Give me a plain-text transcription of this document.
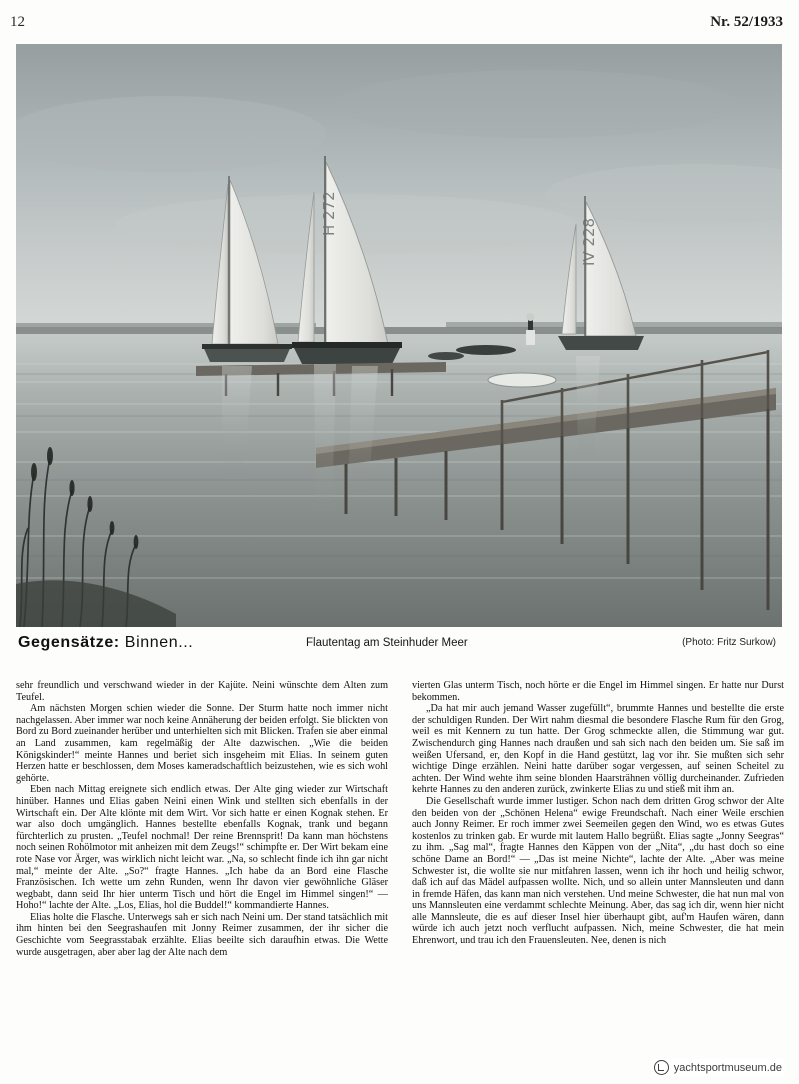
12	Nr. 52/1933
H 272
IV 228
Gegensätze: Binnen...	Flautentag am Steinhuder Meer	(Photo: Fritz Surkow)

sehr freundlich und verschwand wieder in der Kajüte. Neini wünschte dem Alten zum Teufel.

Am nächsten Morgen schien wieder die Sonne. Der Sturm hatte noch immer nicht nachgelassen. Aber immer war noch keine Annäherung der beiden erfolgt. Sie blickten von Bord zu Bord zueinander herüber und unterhielten sich mit Blicken. Trafen sie aber einmal an Land zusammen, kam regelmäßig der Alte dazwischen. „Wie die beiden Königskinder!“ meinte Hannes und beriet sich insgeheim mit Elias. In seinem guten Herzen hatte er beschlossen, dem Moses kameradschaftlich beizustehen, wie es sich wohl gehörte.

Eben nach Mittag ereignete sich endlich etwas. Der Alte ging wieder zur Wirtschaft hinüber. Hannes und Elias gaben Neini einen Wink und stellten sich ebenfalls in der Wirtschaft ein. Der Alte klönte mit dem Wirt. Vor sich hatte er einen Kognak stehen. Er war also doch umgänglich. Hannes bestellte ebenfalls Kognak, trank und begann fürchterlich zu prusten. „Teufel nochmal! Der reine Brennsprit! Da kann man höchstens noch seinen Rohölmotor mit anheizen mit dem Zeugs!“ schimpfte er. Der Wirt bekam eine rote Nase vor Ärger, was wirklich nicht leicht war. „Na, so schlecht finde ich ihn gar nicht mal,“ meinte der Alte. „So?“ fragte Hannes. „Ich habe da an Bord eine Flasche Französischen. Ich wette um zehn Runden, wenn Ihr davon vier gewöhnliche Gläser wegbabt, dann seid Ihr hier unterm Tisch und hört die Engel im Himmel singen!“ — Hoho!“ lachte der Alte. „Los, Elias, hol die Buddel!“ kommandierte Hannes.

Elias holte die Flasche. Unterwegs sah er sich nach Neini um. Der stand tatsächlich mit ihm hinten bei den Seegrashaufen mit Jonny Reimer zusammen, der ihr sicher die Geschichte vom Seegrasstabak erzählte. Elias beeilte sich daraufhin etwas. Die Wette wurde ausgetragen, aber aber lag der Alte nach dem

vierten Glas unterm Tisch, noch hörte er die Engel im Himmel singen. Er hatte nur Durst bekommen.

„Da hat mir auch jemand Wasser zugefüllt“, brummte Hannes und bestellte die erste der schuldigen Runden. Der Wirt nahm diesmal die besondere Flasche Rum für den Grog, weil es mit Kennern zu tun hatte. Der Grog schmeckte allen, die Stimmung war gut. Zwischendurch ging Hannes nach draußen und sah sich nach den beiden um. Sie saß im weißen Ufersand, er, den Kopf in die Hand gestützt, lag vor ihr. Sie mußten sich sehr wichtige Dinge erzählen. Neini hatte darüber sogar vergessen, auf seinen Scheitel zu achten. Der Wind wehte ihm seine blonden Haarsträhnen völlig durcheinander. Zufrieden kehrte Hannes zu den anderen zurück, zwinkerte Elias zu und stieß mit ihm an.

Die Gesellschaft wurde immer lustiger. Schon nach dem dritten Grog schwor der Alte den beiden von der „Schönen Helena“ ewige Freundschaft. Nach einer Weile erschien auch Jonny Reimer. Er roch immer zwei Seemeilen gegen den Wind, wo es etwas Gutes kostenlos zu trinken gab. Er wurde mit lautem Hallo begrüßt. Elias sagte „Jonny Seegras“ zu ihm. „Sag mal“, fragte Hannes den Käppen von der „Nita“, „du hast doch so eine schöne Dame an Bord!“ — „Das ist meine Nichte“, lachte der Alte. „Aber was meine Schwester ist, die wollte sie nur mitfahren lassen, wenn ich ihr hoch und heilig schwor, daß ich auf das Mädel aufpassen wollte. Nich, und so allein unter Mannsleuten und dann in fremde Häfen, das kann man nich verstehen. Und meine Schwester, die hat nun mal von uns Mannsleuten eine verdammt schlechte Meinung. Aber, das sag ich dir, wenn hier nicht alle Mannsleute, die es auf dieser Insel hier überhaupt gibt, auf'm Haufen wären, dann würde ich auch jetzt noch verflucht aufpassen. Nich, meine Schwester, die hat mein Ehrenwort, und trau ich den Frauensleuten. Nee, denen is nich

yachtsportmuseum.de
